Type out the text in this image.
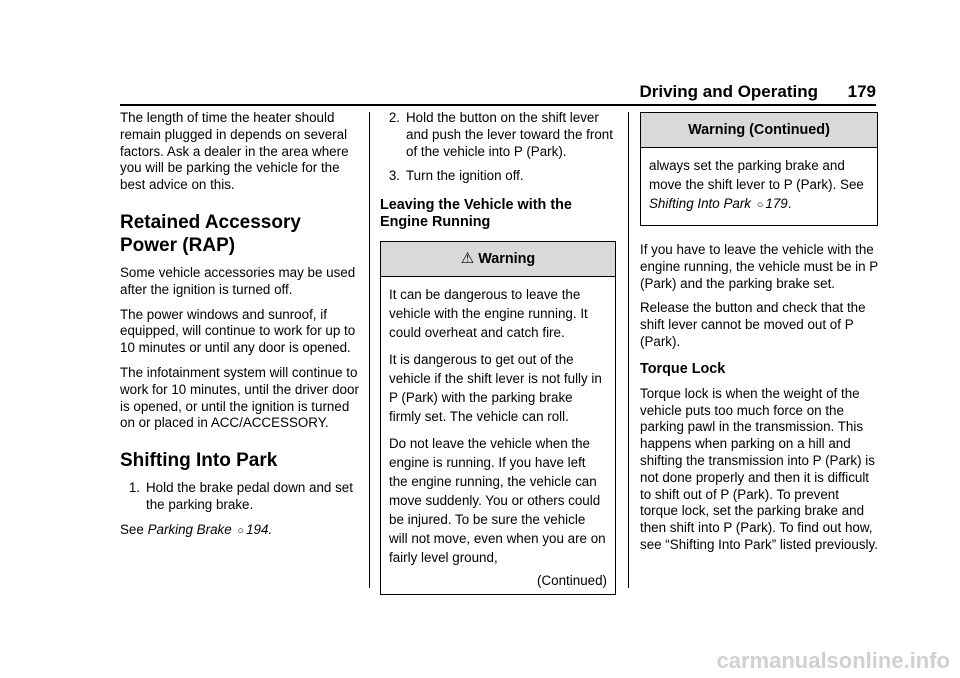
Driving and Operating 179

The length of time the heater should remain plugged in depends on several factors. Ask a dealer in the area where you will be parking the vehicle for the best advice on this.

Retained Accessory
Power (RAP)

Some vehicle accessories may be used after the ignition is turned off.

The power windows and sunroof, if equipped, will continue to work for up to 10 minutes or until any door is opened.

The infotainment system will continue to work for 10 minutes, until the driver door is opened, or until the ignition is turned on or placed in ACC/ACCESSORY.

Shifting Into Park
1. Hold the brake pedal down and set the parking brake.

See Parking Brake ○ 194.

2. Hold the button on the shift lever and push the lever toward the front of the vehicle into P (Park).
3. Turn the ignition off.
Leaving the Vehicle with the
Engine Running
⚠ Warning

It can be dangerous to leave the vehicle with the engine running. It could overheat and catch fire.

It is dangerous to get out of the vehicle if the shift lever is not fully in P (Park) with the parking brake firmly set. The vehicle can roll.

Do not leave the vehicle when the engine is running. If you have left the engine running, the vehicle can move suddenly. You or others could be injured. To be sure the vehicle will not move, even when you are on fairly level ground,

(Continued)
Warning (Continued)

always set the parking brake and move the shift lever to P (Park). See Shifting Into Park ○ 179.

If you have to leave the vehicle with the engine running, the vehicle must be in P (Park) and the parking brake set.

Release the button and check that the shift lever cannot be moved out of P (Park).

Torque Lock

Torque lock is when the weight of the vehicle puts too much force on the parking pawl in the transmission. This happens when parking on a hill and shifting the transmission into P (Park) is not done properly and then it is difficult to shift out of P (Park). To prevent torque lock, set the parking brake and then shift into P (Park). To find out how, see “Shifting Into Park” listed previously.

carmanualsonline.info
